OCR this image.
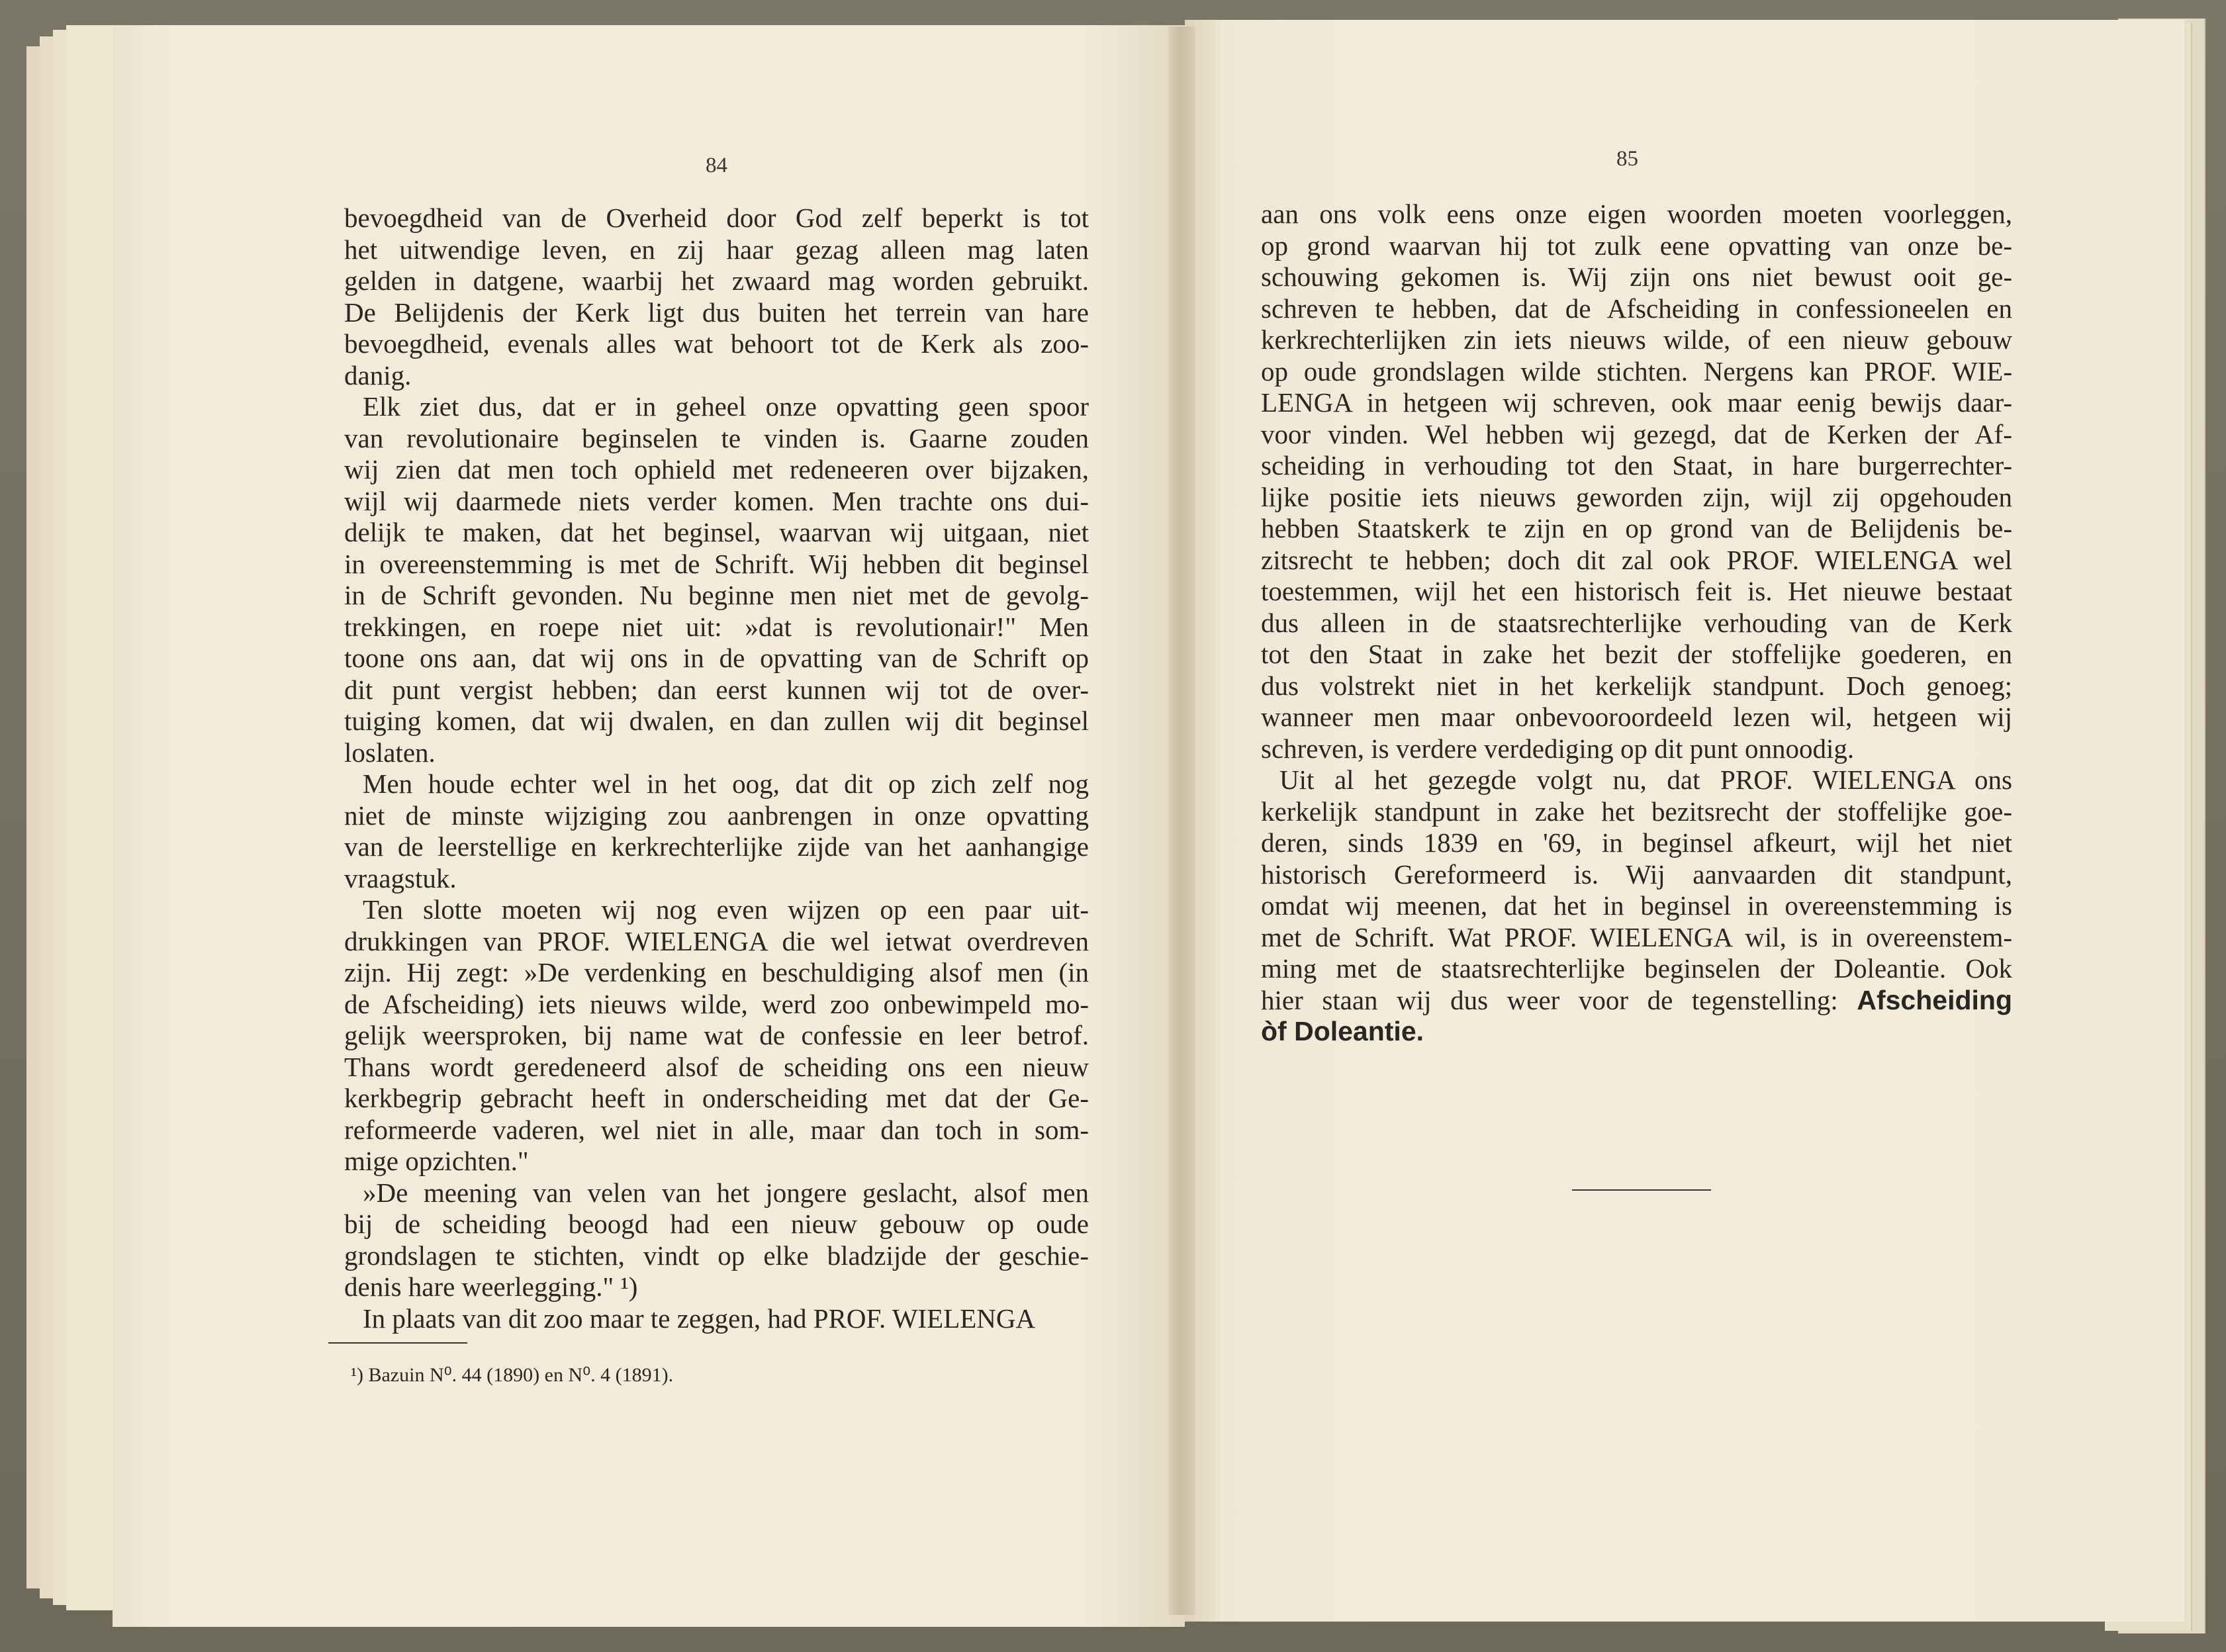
84
bevoegdheid van de Overheid door God zelf beperkt is tot
het uitwendige leven, en zij haar gezag alleen mag laten
gelden in datgene, waarbij het zwaard mag worden gebruikt.
De Belijdenis der Kerk ligt dus buiten het terrein van hare
bevoegdheid, evenals alles wat behoort tot de Kerk als zoo-
danig.
Elk ziet dus, dat er in geheel onze opvatting geen spoor
van revolutionaire beginselen te vinden is. Gaarne zouden
wij zien dat men toch ophield met redeneeren over bijzaken,
wijl wij daarmede niets verder komen. Men trachte ons dui-
delijk te maken, dat het beginsel, waarvan wij uitgaan, niet
in overeenstemming is met de Schrift. Wij hebben dit beginsel
in de Schrift gevonden. Nu beginne men niet met de gevolg-
trekkingen, en roepe niet uit: »dat is revolutionair!" Men
toone ons aan, dat wij ons in de opvatting van de Schrift op
dit punt vergist hebben; dan eerst kunnen wij tot de over-
tuiging komen, dat wij dwalen, en dan zullen wij dit beginsel
loslaten.
Men houde echter wel in het oog, dat dit op zich zelf nog
niet de minste wijziging zou aanbrengen in onze opvatting
van de leerstellige en kerkrechterlijke zijde van het aanhangige
vraagstuk.
Ten slotte moeten wij nog even wijzen op een paar uit-
drukkingen van PROF. WIELENGA die wel ietwat overdreven
zijn. Hij zegt: »De verdenking en beschuldiging alsof men (in
de Afscheiding) iets nieuws wilde, werd zoo onbewimpeld mo-
gelijk weersproken, bij name wat de confessie en leer betrof.
Thans wordt geredeneerd alsof de scheiding ons een nieuw
kerkbegrip gebracht heeft in onderscheiding met dat der Ge-
reformeerde vaderen, wel niet in alle, maar dan toch in som-
mige opzichten."
»De meening van velen van het jongere geslacht, alsof men
bij de scheiding beoogd had een nieuw gebouw op oude
grondslagen te stichten, vindt op elke bladzijde der geschie-
denis hare weerlegging." ¹)
In plaats van dit zoo maar te zeggen, had PROF. WIELENGA
¹) Bazuin N⁰. 44 (1890) en N⁰. 4 (1891).
85
aan ons volk eens onze eigen woorden moeten voorleggen,
op grond waarvan hij tot zulk eene opvatting van onze be-
schouwing gekomen is. Wij zijn ons niet bewust ooit ge-
schreven te hebben, dat de Afscheiding in confessioneelen en
kerkrechterlijken zin iets nieuws wilde, of een nieuw gebouw
op oude grondslagen wilde stichten. Nergens kan PROF. WIE-
LENGA in hetgeen wij schreven, ook maar eenig bewijs daar-
voor vinden. Wel hebben wij gezegd, dat de Kerken der Af-
scheiding in verhouding tot den Staat, in hare burgerrechter-
lijke positie iets nieuws geworden zijn, wijl zij opgehouden
hebben Staatskerk te zijn en op grond van de Belijdenis be-
zitsrecht te hebben; doch dit zal ook PROF. WIELENGA wel
toestemmen, wijl het een historisch feit is. Het nieuwe bestaat
dus alleen in de staatsrechterlijke verhouding van de Kerk
tot den Staat in zake het bezit der stoffelijke goederen, en
dus volstrekt niet in het kerkelijk standpunt. Doch genoeg;
wanneer men maar onbevooroordeeld lezen wil, hetgeen wij
schreven, is verdere verdediging op dit punt onnoodig.
Uit al het gezegde volgt nu, dat PROF. WIELENGA ons
kerkelijk standpunt in zake het bezitsrecht der stoffelijke goe-
deren, sinds 1839 en '69, in beginsel afkeurt, wijl het niet
historisch Gereformeerd is. Wij aanvaarden dit standpunt,
omdat wij meenen, dat het in beginsel in overeenstemming is
met de Schrift. Wat PROF. WIELENGA wil, is in overeenstem-
ming met de staatsrechterlijke beginselen der Doleantie. Ook
hier staan wij dus weer voor de tegenstelling: Afscheiding
òf Doleantie.
